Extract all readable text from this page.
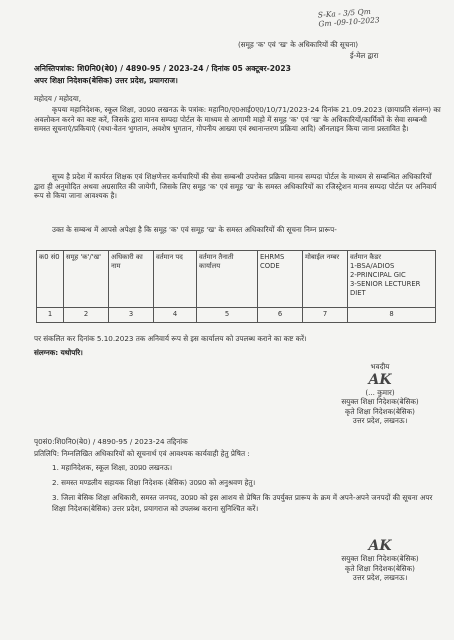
S-Ka - 3/5 Qm
Gm -09-10-2023
(समूह 'क' एवं 'ख' के अधिकारियों की सूचना)
ई-मेल द्वारा
अनिस्तिपत्रांक: शि0नि0(बे0) / 4890-95 / 2023-24 / दिनांक 05 अक्टूबर-2023
अपर शिक्षा निदेशक(बेसिक) उत्तर प्रदेश, प्रयागराज।
महोदय / महोदया,
कृपया महानिदेशक, स्कूल शिक्षा, उ0प्र0 लखनऊ के पत्रांक: महानि0/ए0आई0ए0/10/71/2023-24 दिनांक 21.09.2023 (छायाप्रति संलग्न) का अवलोकन करने का कष्ट करें, जिसके द्वारा मानव सम्पदा पोर्टल के माध्यम से आगामी माहो में समूह 'क' एवं 'ख' के अधिकारियों/कार्मिकों के सेवा सम्बन्धी समस्त सूचनाएं/प्रकियाएं (यथा-वेतन भुगतान, अवशेष भुगतान, गोपनीय आख्या एवं स्थानान्तरण प्रक्रिया आदि) ऑनलाइन किया जाना प्रस्तावित है।
सूच्य है प्रदेश में कार्यरत शिक्षक एवं शिक्षणेत्तर कर्मचारियों की सेवा सम्बन्धी उपरोक्त प्रक्रिया मानव सम्पदा पोर्टल के माध्यम से सम्बन्धित अधिकारियों द्वारा ही अनुमोदित अथवा अग्रसारित की जायेगी, जिसके लिए समूह 'क' एवं समूह 'ख' के समस्त अधिकारियों का रजिस्ट्रेशन मानव सम्पदा पोर्टल पर अनिवार्य रूप से किया जाना आवश्यक है।
उक्त के सम्बन्ध में आपसे अपेक्षा है कि समूह 'क' एवं समूह 'ख' के समस्त अधिकारियों की सूचना निम्न प्रारूप-
क0 सं0	समूह 'क'/'ख'	अधिकारी का नाम	वर्तमान पद	वर्तमान तैनाती कार्यालय	EHRMS CODE	मोबाईल नम्बर	वर्तमान कैडर
1-BSA/ADIOS
2-PRINCIPAL GIC
3-SENIOR LECTURER DIET
1	2	3	4	5	6	7	8
पर संकलित कर दिनांक 5.10.2023 तक अनिवार्य रूप से इस कार्यालय को उपलब्ध कराने का कष्ट करें।
संलग्नक: यथोपरि।
भवदीय
AK
(... कुमार)
सयुक्त शिक्षा निदेशक(बेसिक)
कृते शिक्षा निदेशक(बेसिक)
उत्तर प्रदेश, लखनऊ।
पृ0सं0:शि0नि0(बे0) / 4890-95 / 2023-24 तद्दिनांक
प्रतिलिपि: निम्नलिखित अधिकारियों को सूचनार्थ एवं आवश्यक कार्यवाही हेतु प्रेषित :
1. महानिदेशक, स्कूल शिक्षा, उ0प्र0 लखनऊ।
2. समस्त मण्डलीय सहायक शिक्षा निदेशक (बेसिक) उ0प्र0 को अनुश्रवण हेतु।
3. जिला बेसिक शिक्षा अधिकारी, समस्त जनपद, उ0प्र0 को इस आशय से प्रेषित कि उपर्युक्त प्रारूप के क्रम में अपने-अपने जनपदों की सूचना अपर शिक्षा निदेशक(बेसिक) उत्तर प्रदेश, प्रयागराज को उपलब्ध कराना सुनिश्चित करें।
AK
सयुक्त शिक्षा निदेशक(बेसिक)
कृते शिक्षा निदेशक(बेसिक)
उत्तर प्रदेश, लखनऊ।
